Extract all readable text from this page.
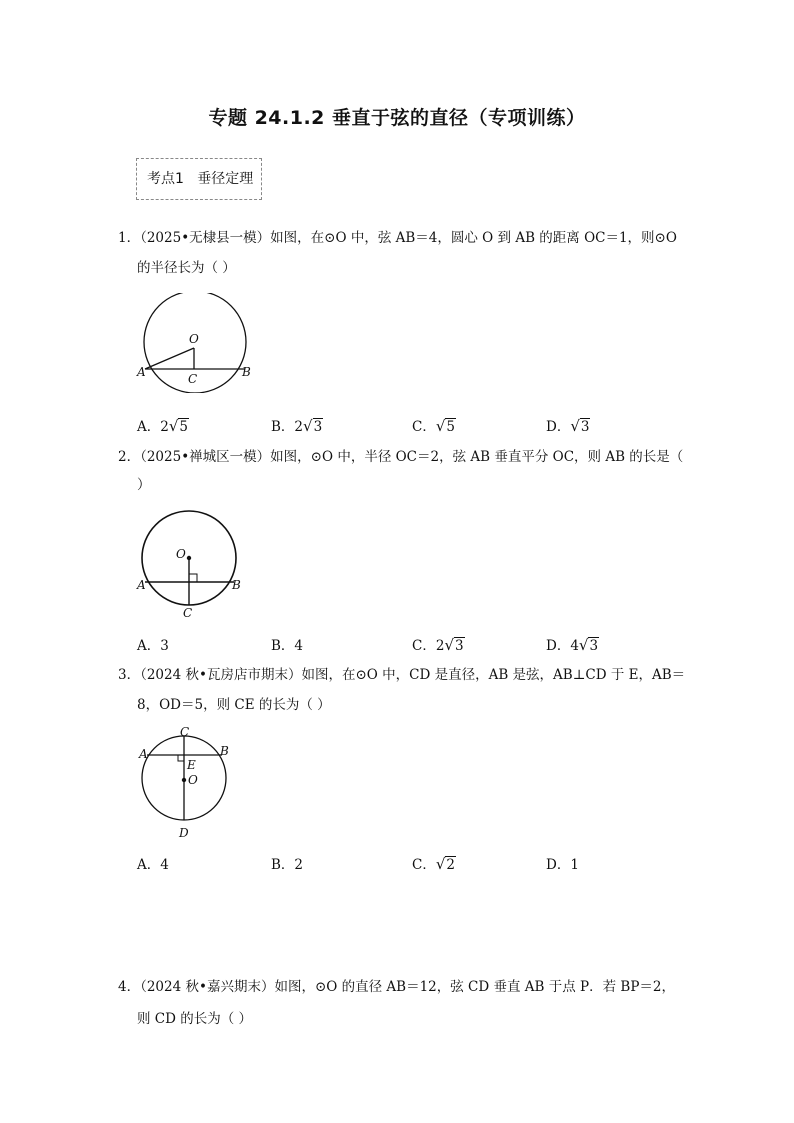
专题 24.1.2 垂直于弦的直径（专项训练）
考点1   垂径定理
1．（2025•无棣县一模）如图，在⊙O 中，弦 AB＝4，圆心 O 到 AB 的距离 OC＝1，则⊙O
的半径长为（ ）
O
C
A	B
A．2√5	B．2√3	C．√5	D．√3
2．（2025•禅城区一模）如图，⊙O 中，半径 OC＝2，弦 AB 垂直平分 OC，则 AB 的长是（
）
O
C
A	B
A．3	B．4	C．2√3	D．4√3
3．（2024 秋•瓦房店市期末）如图，在⊙O 中，CD 是直径，AB 是弦，AB⊥CD 于 E，AB＝
8，OD＝5，则 CE 的长为（ ）
C
A	B
E
O
D
A．4	B．2	C．√2	D．1
4．（2024 秋•嘉兴期末）如图，⊙O 的直径 AB＝12，弦 CD 垂直 AB 于点 P．若 BP＝2，
则 CD 的长为（ ）
